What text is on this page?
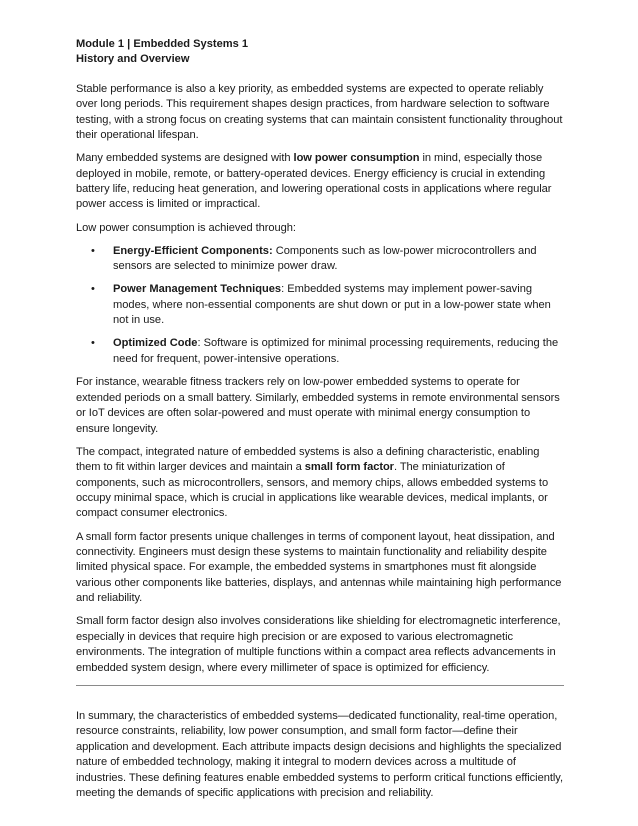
Module 1 | Embedded Systems 1
History and Overview

Stable performance is also a key priority, as embedded systems are expected to operate reliably over long periods. This requirement shapes design practices, from hardware selection to software testing, with a strong focus on creating systems that can maintain consistent functionality throughout their operational lifespan.

Many embedded systems are designed with low power consumption in mind, especially those deployed in mobile, remote, or battery-operated devices. Energy efficiency is crucial in extending battery life, reducing heat generation, and lowering operational costs in applications where regular power access is limited or impractical.

Low power consumption is achieved through:

• Energy-Efficient Components: Components such as low-power microcontrollers and sensors are selected to minimize power draw.
• Power Management Techniques: Embedded systems may implement power-saving modes, where non-essential components are shut down or put in a low-power state when not in use.
• Optimized Code: Software is optimized for minimal processing requirements, reducing the need for frequent, power-intensive operations.

For instance, wearable fitness trackers rely on low-power embedded systems to operate for extended periods on a small battery. Similarly, embedded systems in remote environmental sensors or IoT devices are often solar-powered and must operate with minimal energy consumption to ensure longevity.

The compact, integrated nature of embedded systems is also a defining characteristic, enabling them to fit within larger devices and maintain a small form factor. The miniaturization of components, such as microcontrollers, sensors, and memory chips, allows embedded systems to occupy minimal space, which is crucial in applications like wearable devices, medical implants, or compact consumer electronics.

A small form factor presents unique challenges in terms of component layout, heat dissipation, and connectivity. Engineers must design these systems to maintain functionality and reliability despite limited physical space. For example, the embedded systems in smartphones must fit alongside various other components like batteries, displays, and antennas while maintaining high performance and reliability.

Small form factor design also involves considerations like shielding for electromagnetic interference, especially in devices that require high precision or are exposed to various electromagnetic environments. The integration of multiple functions within a compact area reflects advancements in embedded system design, where every millimeter of space is optimized for efficiency.

In summary, the characteristics of embedded systems—dedicated functionality, real-time operation, resource constraints, reliability, low power consumption, and small form factor—define their application and development. Each attribute impacts design decisions and highlights the specialized nature of embedded technology, making it integral to modern devices across a multitude of industries. These defining features enable embedded systems to perform critical functions efficiently, meeting the demands of specific applications with precision and reliability.
